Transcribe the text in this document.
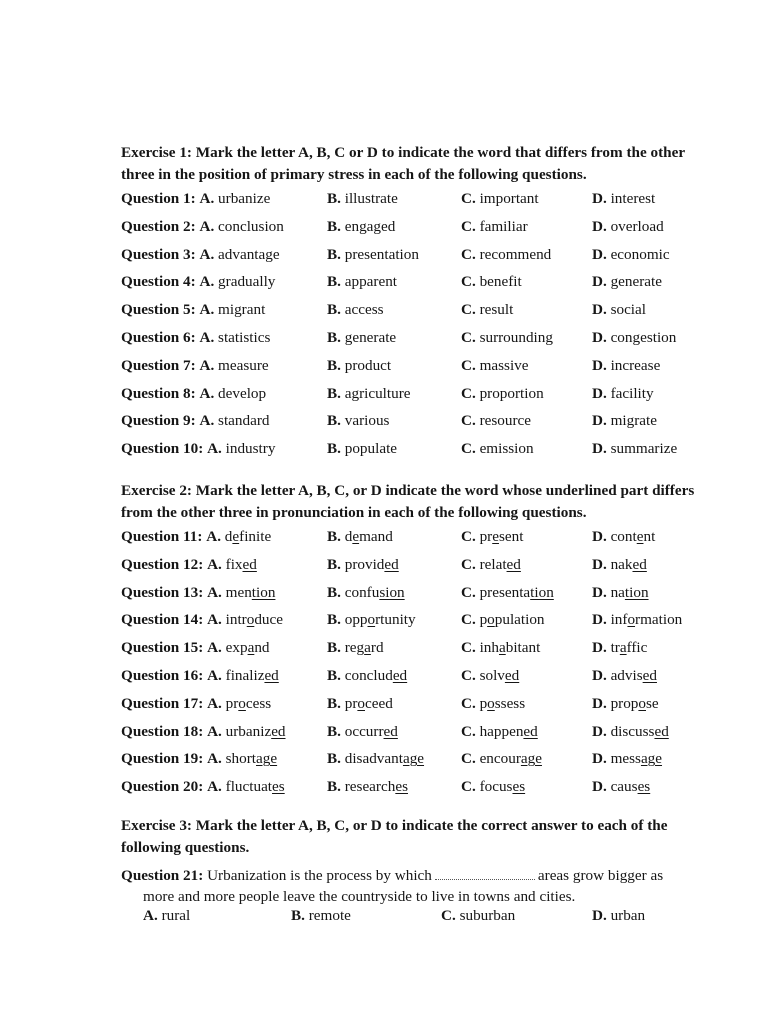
Exercise 1: Mark the letter A, B, C or D to indicate the word that differs from the other three in the position of primary stress in each of the following questions.

Question 1: A. urbanize	B. illustrate	C. important	D. interest
Question 2: A. conclusion	B. engaged	C. familiar	D. overload
Question 3: A. advantage	B. presentation	C. recommend	D. economic
Question 4: A. gradually	B. apparent	C. benefit	D. generate
Question 5: A. migrant	B. access	C. result	D. social
Question 6: A. statistics	B. generate	C. surrounding	D. congestion
Question 7: A. measure	B. product	C. massive	D. increase
Question 8: A. develop	B. agriculture	C. proportion	D. facility
Question 9: A. standard	B. various	C. resource	D. migrate
Question 10: A. industry	B. populate	C. emission	D. summarize

Exercise 2: Mark the letter A, B, C, or D indicate the word whose underlined part differs from the other three in pronunciation in each of the following questions.

Question 11: A. definite	B. demand	C. present	D. content
Question 12: A. fixed	B. provided	C. related	D. naked
Question 13: A. mention	B. confusion	C. presentation	D. nation
Question 14: A. introduce	B. opportunity	C. population	D. information
Question 15: A. expand	B. regard	C. inhabitant	D. traffic
Question 16: A. finalized	B. concluded	C. solved	D. advised
Question 17: A. process	B. proceed	C. possess	D. propose
Question 18: A. urbanized	B. occurred	C. happened	D. discussed
Question 19: A. shortage	B. disadvantage C. encourage	D. message
Question 20: A. fluctuates	B. researches	C. focuses	D. causes

Exercise 3: Mark the letter A, B, C, or D to indicate the correct answer to each of the following questions.

Question 21: Urbanization is the process by which	areas grow bigger as
more and more people leave the countryside to live in towns and cities.
A. rural	B. remote	C. suburban	D. urban
